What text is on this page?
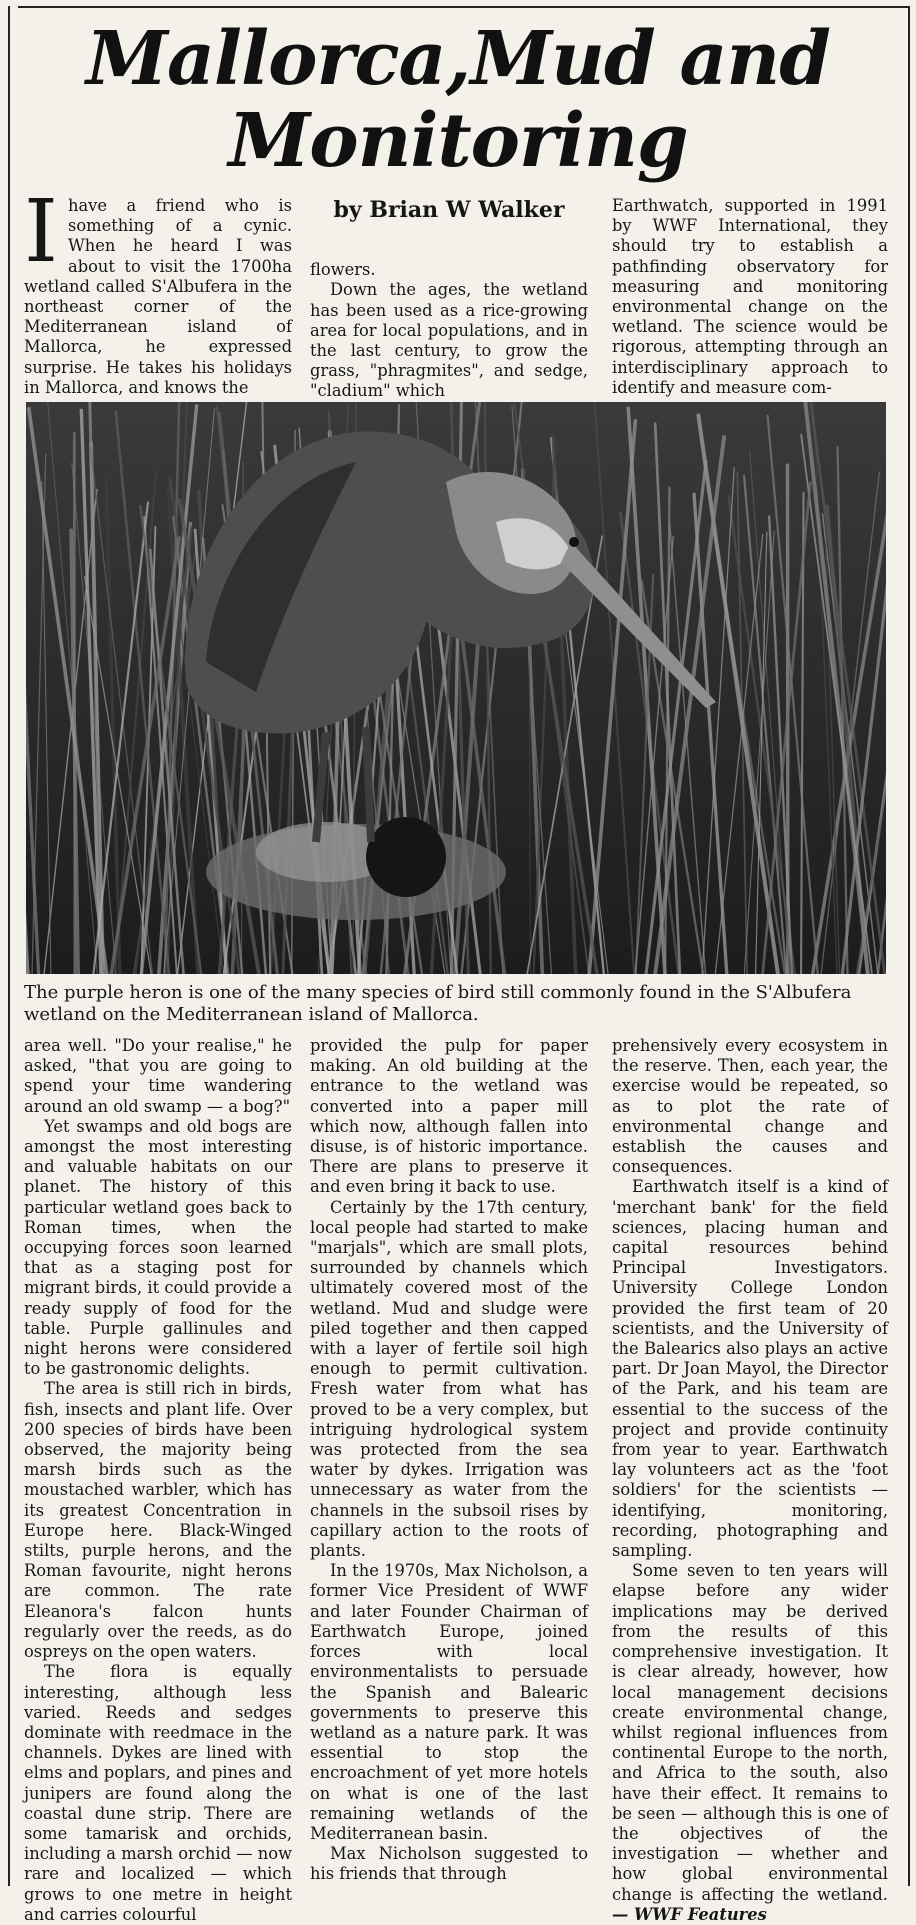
Mallorca,Mud and Monitoring

Ihave a friend who is something of a cynic. When he heard I was about to visit the 1700ha wetland called S'Albufera in the northeast corner of the Mediterranean island of Mallorca, he expressed surprise. He takes his holidays in Mallorca, and knows the

by Brian W Walker

flowers.

Down the ages, the wetland has been used as a rice-growing area for local populations, and in the last century, to grow the grass, "phragmites", and sedge, "cladium" which

Earthwatch, supported in 1991 by WWF International, they should try to establish a pathfinding observatory for measuring and monitoring environmental change on the wetland. The science would be rigorous, attempting through an interdisciplinary approach to identify and measure com-

The purple heron is one of the many species of bird still commonly found in the S'Albufera wetland on the Mediterranean island of Mallorca.

area well. "Do your realise," he asked, "that you are going to spend your time wandering around an old swamp — a bog?"

Yet swamps and old bogs are amongst the most interesting and valuable habitats on our planet. The history of this particular wetland goes back to Roman times, when the occupying forces soon learned that as a staging post for migrant birds, it could provide a ready supply of food for the table. Purple gallinules and night herons were considered to be gastronomic delights.

The area is still rich in birds, fish, insects and plant life. Over 200 species of birds have been observed, the majority being marsh birds such as the moustached warbler, which has its greatest Concentration in Europe here. Black-Winged stilts, purple herons, and the Roman favourite, night herons are common. The rate Eleanora's falcon hunts regularly over the reeds, as do ospreys on the open waters.

The flora is equally interesting, although less varied. Reeds and sedges dominate with reedmace in the channels. Dykes are lined with elms and poplars, and pines and junipers are found along the coastal dune strip. There are some tamarisk and orchids, including a marsh orchid — now rare and localized — which grows to one metre in height and carries colourful

provided the pulp for paper making. An old building at the entrance to the wetland was converted into a paper mill which now, although fallen into disuse, is of historic importance. There are plans to preserve it and even bring it back to use.

Certainly by the 17th century, local people had started to make "marjals", which are small plots, surrounded by channels which ultimately covered most of the wetland. Mud and sludge were piled together and then capped with a layer of fertile soil high enough to permit cultivation. Fresh water from what has proved to be a very complex, but intriguing hydrological system was protected from the sea water by dykes. Irrigation was unnecessary as water from the channels in the subsoil rises by capillary action to the roots of plants.

In the 1970s, Max Nicholson, a former Vice President of WWF and later Founder Chairman of Earthwatch Europe, joined forces with local environmentalists to persuade the Spanish and Balearic governments to preserve this wetland as a nature park. It was essential to stop the encroachment of yet more hotels on what is one of the last remaining wetlands of the Mediterranean basin.

Max Nicholson suggested to his friends that through

prehensively every ecosystem in the reserve. Then, each year, the exercise would be repeated, so as to plot the rate of environmental change and establish the causes and consequences.

Earthwatch itself is a kind of 'merchant bank' for the field sciences, placing human and capital resources behind Principal Investigators. University College London provided the first team of 20 scientists, and the University of the Balearics also plays an active part. Dr Joan Mayol, the Director of the Park, and his team are essential to the success of the project and provide continuity from year to year. Earthwatch lay volunteers act as the 'foot soldiers' for the scientists — identifying, monitoring, recording, photographing and sampling.

Some seven to ten years will elapse before any wider implications may be derived from the results of this comprehensive investigation. It is clear already, however, how local management decisions create environmental change, whilst regional influences from continental Europe to the north, and Africa to the south, also have their effect. It remains to be seen — although this is one of the objectives of the investigation — whether and how global environmental change is affecting the wetland. — WWF Features
